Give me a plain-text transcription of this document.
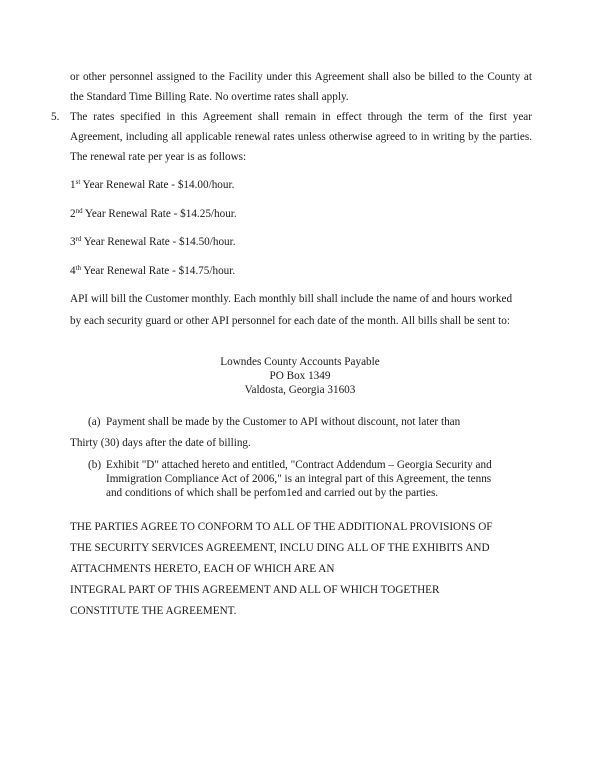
or other personnel assigned to the Facility under this Agreement shall also be billed to the County at
the Standard Time Billing Rate. No overtime rates shall apply.
5. The rates specified in this Agreement shall remain in effect through the term of the first year
Agreement, including all applicable renewal rates unless otherwise agreed to in writing by the parties.
The renewal rate per year is as follows:
1st Year Renewal Rate - $14.00/hour.
2nd Year Renewal Rate - $14.25/hour.
3rd Year Renewal Rate - $14.50/hour.
4th Year Renewal Rate - $14.75/hour.
API will bill the Customer monthly. Each monthly bill shall include the name of and hours worked
by each security guard or other API personnel for each date of the month. All bills shall be sent to:
Lowndes County Accounts Payable
PO Box 1349
Valdosta, Georgia 31603
(a) Payment shall be made by the Customer to API without discount, not later than
Thirty (30) days after the date of billing.
(b) Exhibit "D" attached hereto and entitled, "Contract Addendum – Georgia Security and
Immigration Compliance Act of 2006," is an integral part of this Agreement, the tenns
and conditions of which shall be perfom1ed and carried out by the parties.
THE PARTIES AGREE TO CONFORM TO ALL OF THE ADDITIONAL PROVISIONS OF
THE SECURITY SERVICES AGREEMENT, INCLU DING ALL OF THE EXHIBITS AND
ATTACHMENTS HERETO, EACH OF WHICH ARE AN
INTEGRAL PART OF THIS AGREEMENT AND ALL OF WHICH TOGETHER
CONSTITUTE THE AGREEMENT.
